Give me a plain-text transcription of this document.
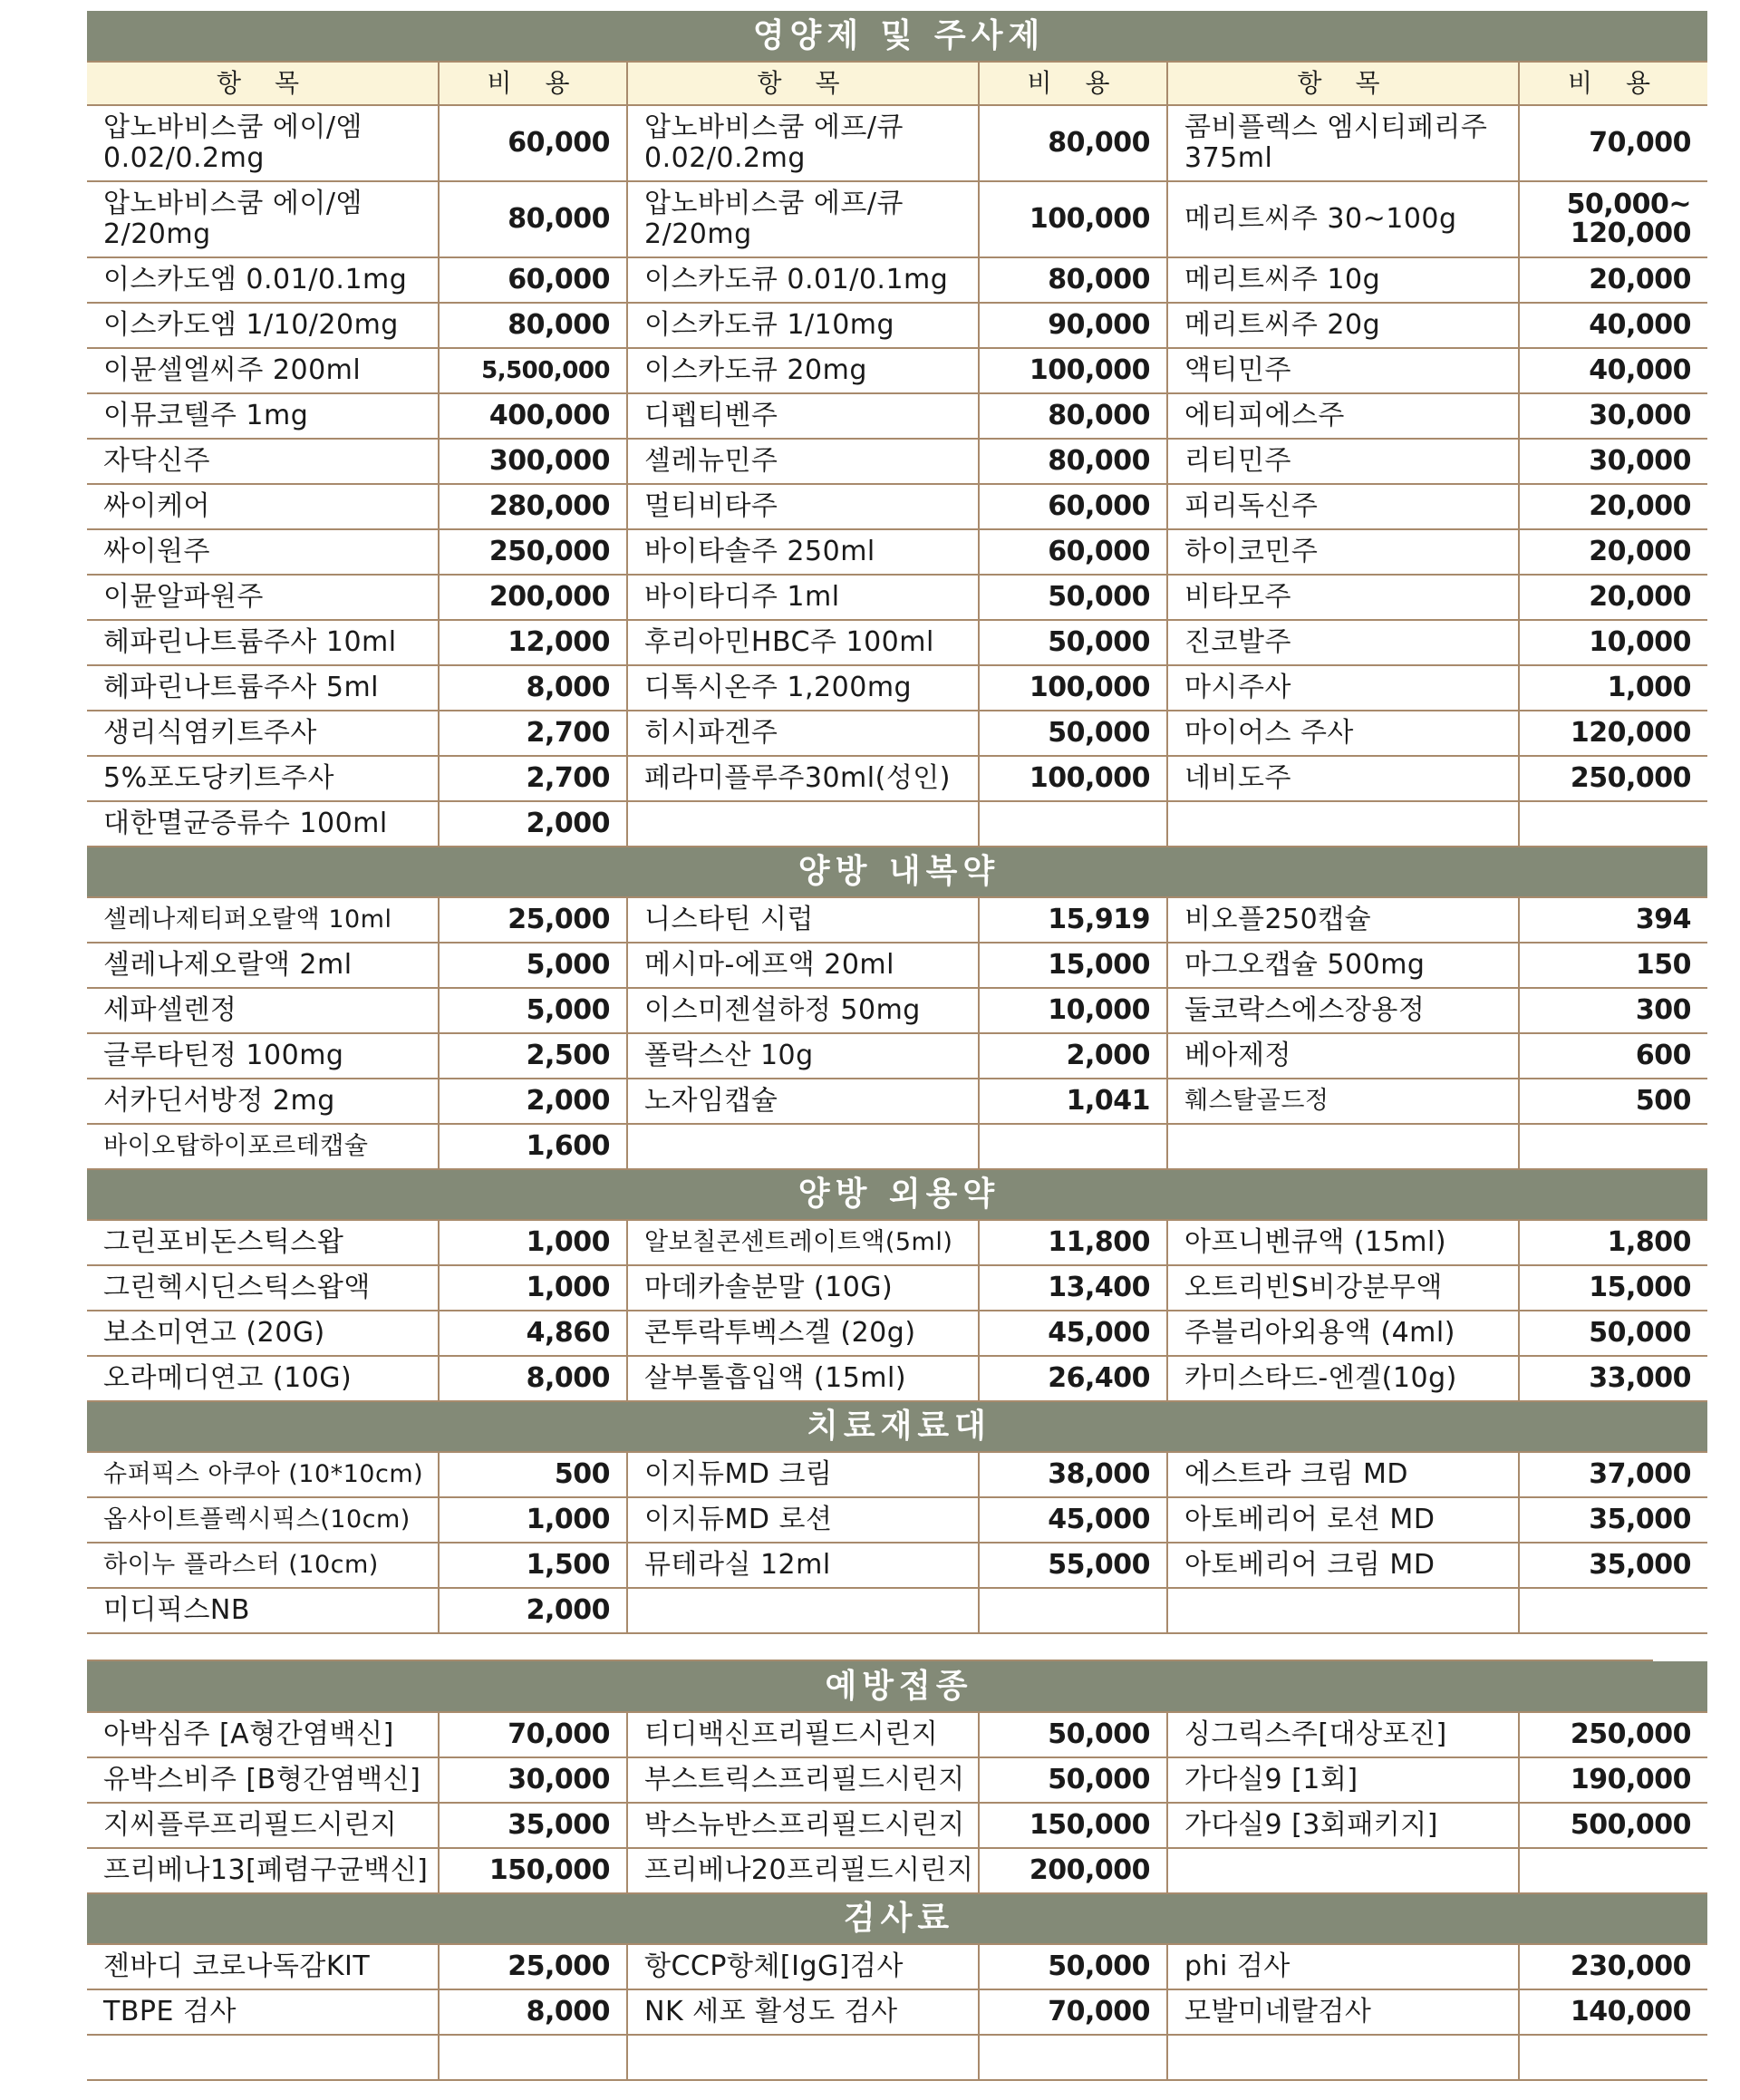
영양제 및 주사제					
항 목	비 용	항 목	비 용	항 목	비 용
압노바비스쿰 에이/엠 0.02/0.2mg	60,000	압노바비스쿰 에프/큐 0.02/0.2mg	80,000	콤비플렉스 엠시티페리주 375ml	70,000
압노바비스쿰 에이/엠 2/20mg	80,000	압노바비스쿰 에프/큐 2/20mg	100,000	메리트씨주 30~100g	50,000~ 120,000
이스카도엠 0.01/0.1mg	60,000	이스카도큐 0.01/0.1mg	80,000	메리트씨주 10g	20,000
이스카도엠 1/10/20mg	80,000	이스카도큐 1/10mg	90,000	메리트씨주 20g	40,000
이뮨셀엘씨주 200ml	5,500,000	이스카도큐 20mg	100,000	액티민주	40,000
이뮤코텔주 1mg	400,000	디펩티벤주	80,000	에티피에스주	30,000
자닥신주	300,000	셀레뉴민주	80,000	리티민주	30,000
싸이케어	280,000	멀티비타주	60,000	피리독신주	20,000
싸이원주	250,000	바이타솔주 250ml	60,000	하이코민주	20,000
이뮨알파원주	200,000	바이타디주 1ml	50,000	비타모주	20,000
헤파린나트륨주사 10ml	12,000	후리아민HBC주 100ml	50,000	진코발주	10,000
헤파린나트륨주사 5ml	8,000	디톡시온주 1,200mg	100,000	마시주사	1,000
생리식염키트주사	2,700	히시파겐주	50,000	마이어스 주사	120,000
5%포도당키트주사	2,700	페라미플루주30ml(성인)	100,000	네비도주	250,000
대한멸균증류수 100ml	2,000				
양방 내복약					
셀레나제티퍼오랄액 10ml	25,000	니스타틴 시럽	15,919	비오플250캡슐	394
셀레나제오랄액 2ml	5,000	메시마-에프액 20ml	15,000	마그오캡슐 500mg	150
세파셀렌정	5,000	이스미젠설하정 50mg	10,000	둘코락스에스장용정	300
글루타틴정 100mg	2,500	폴락스산 10g	2,000	베아제정	600
서카딘서방정 2mg	2,000	노자임캡슐	1,041	훼스탈골드정	500
바이오탑하이포르테캡슐	1,600				
양방 외용약					
그린포비돈스틱스왑	1,000	알보칠콘센트레이트액(5ml)	11,800	아프니벤큐액 (15ml)	1,800
그린헥시딘스틱스왑액	1,000	마데카솔분말 (10G)	13,400	오트리빈S비강분무액	15,000
보소미연고 (20G)	4,860	콘투락투벡스겔 (20g)	45,000	주블리아외용액 (4ml)	50,000
오라메디연고 (10G)	8,000	살부톨흡입액 (15ml)	26,400	카미스타드-엔겔(10g)	33,000
치료재료대					
슈퍼픽스 아쿠아 (10*10cm)	500	이지듀MD 크림	38,000	에스트라 크림 MD	37,000
옵사이트플렉시픽스(10cm)	1,000	이지듀MD 로션	45,000	아토베리어 로션 MD	35,000
하이누 플라스터 (10cm)	1,500	뮤테라실 12ml	55,000	아토베리어 크림 MD	35,000
미디픽스NB	2,000				
예방접종					
아박심주 [A형간염백신]	70,000	티디백신프리필드시린지	50,000	싱그릭스주[대상포진]	250,000
유박스비주 [B형간염백신]	30,000	부스트릭스프리필드시린지	50,000	가다실9 [1회]	190,000
지씨플루프리필드시린지	35,000	박스뉴반스프리필드시린지	150,000	가다실9 [3회패키지]	500,000
프리베나13[폐렴구균백신]	150,000	프리베나20프리필드시린지	200,000		
검사료					
젠바디 코로나독감KIT	25,000	항CCP항체[IgG]검사	50,000	phi 검사	230,000
TBPE 검사	8,000	NK 세포 활성도 검사	70,000	모발미네랄검사	140,000
